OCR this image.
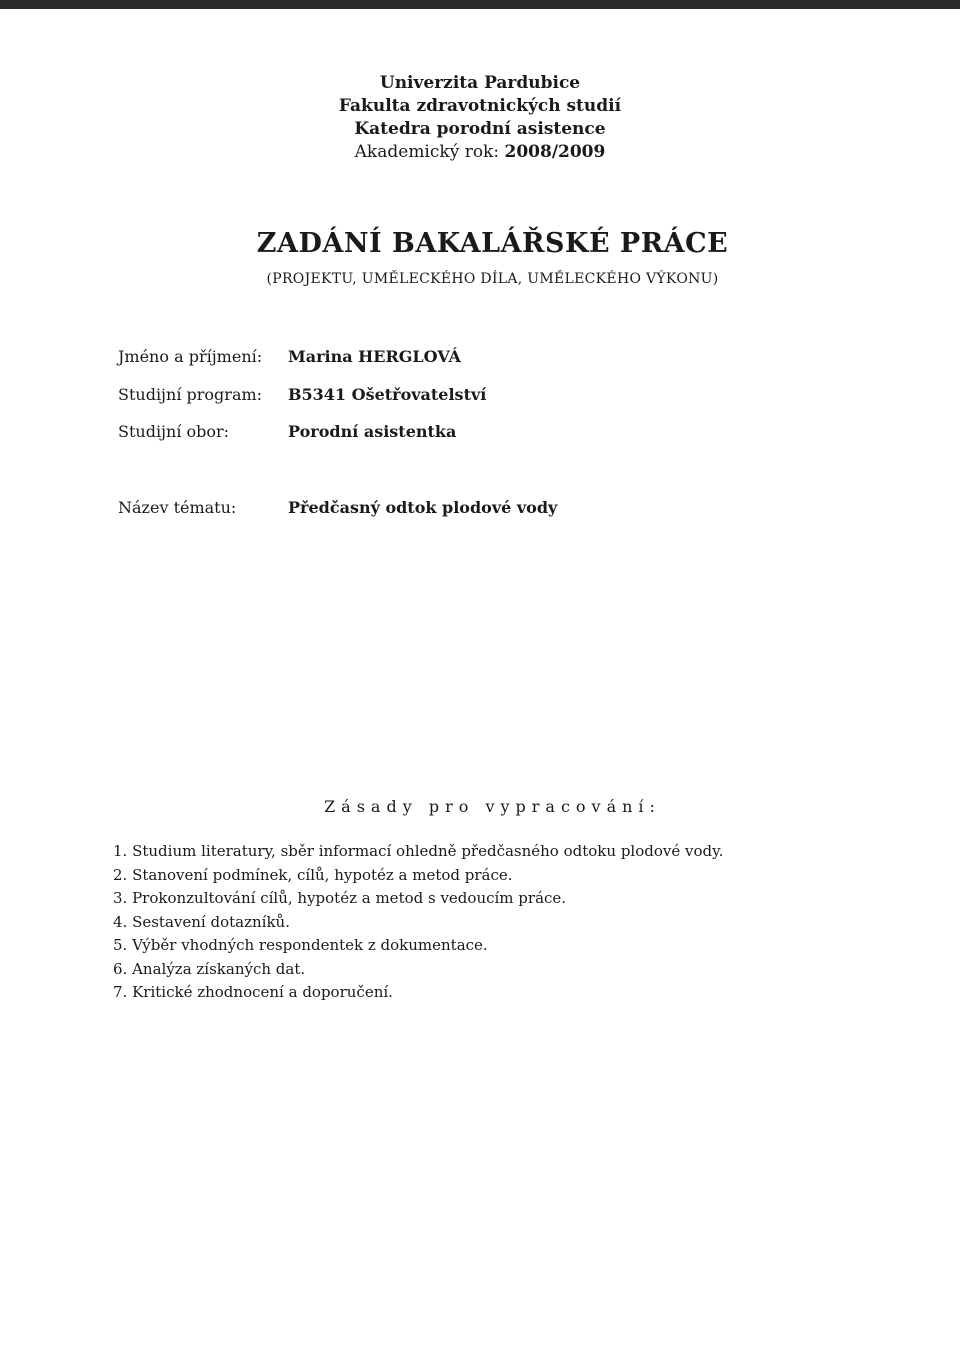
Univerzita Pardubice
Fakulta zdravotnických studií
Katedra porodní asistence
Akademický rok: 2008/2009
ZADÁNÍ BAKALÁŘSKÉ PRÁCE
(PROJEKTU, UMĚLECKÉHO DÍLA, UMĚLECKÉHO VÝKONU)
Jméno a příjmení: Marina HERGLOVÁ
Studijní program: B5341 Ošetřovatelství
Studijní obor:	Porodní asistentka
Název tématu:	Předčasný odtok plodové vody
Zásady pro vypracování:
1. Studium literatury, sběr informací ohledně předčasného odtoku plodové vody.
2. Stanovení podmínek, cílů, hypotéz a metod práce.
3. Prokonzultování cílů, hypotéz a metod s vedoucím práce.
4. Sestavení dotazníků.
5. Výběr vhodných respondentek z dokumentace.
6. Analýza získaných dat.
7. Kritické zhodnocení a doporučení.
